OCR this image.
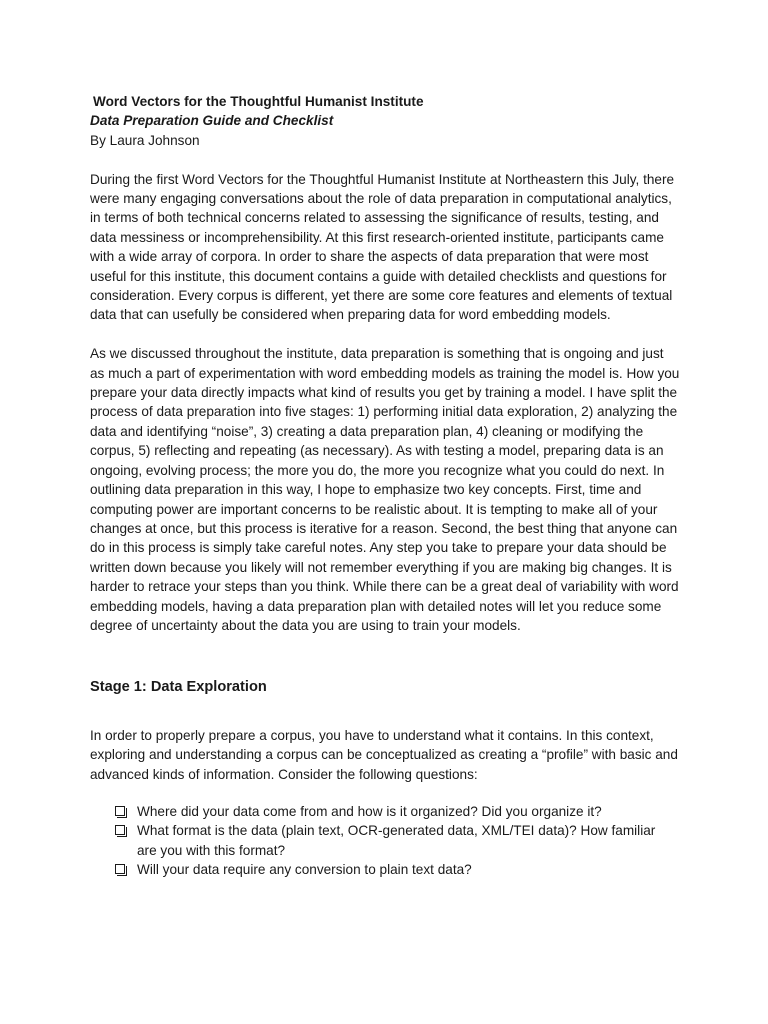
Word Vectors for the Thoughtful Humanist Institute

Data Preparation Guide and Checklist

By Laura Johnson

During the first Word Vectors for the Thoughtful Humanist Institute at Northeastern this July, there were many engaging conversations about the role of data preparation in computational analytics, in terms of both technical concerns related to assessing the significance of results, testing, and data messiness or incomprehensibility. At this first research-oriented institute, participants came with a wide array of corpora. In order to share the aspects of data preparation that were most useful for this institute, this document contains a guide with detailed checklists and questions for consideration. Every corpus is different, yet there are some core features and elements of textual data that can usefully be considered when preparing data for word embedding models.

As we discussed throughout the institute, data preparation is something that is ongoing and just as much a part of experimentation with word embedding models as training the model is. How you prepare your data directly impacts what kind of results you get by training a model. I have split the process of data preparation into five stages: 1) performing initial data exploration, 2) analyzing the data and identifying “noise”, 3) creating a data preparation plan, 4) cleaning or modifying the corpus, 5) reflecting and repeating (as necessary). As with testing a model, preparing data is an ongoing, evolving process; the more you do, the more you recognize what you could do next. In outlining data preparation in this way, I hope to emphasize two key concepts. First, time and computing power are important concerns to be realistic about. It is tempting to make all of your changes at once, but this process is iterative for a reason. Second, the best thing that anyone can do in this process is simply take careful notes. Any step you take to prepare your data should be written down because you likely will not remember everything if you are making big changes. It is harder to retrace your steps than you think. While there can be a great deal of variability with word embedding models, having a data preparation plan with detailed notes will let you reduce some degree of uncertainty about the data you are using to train your models.

Stage 1: Data Exploration

In order to properly prepare a corpus, you have to understand what it contains. In this context, exploring and understanding a corpus can be conceptualized as creating a “profile” with basic and advanced kinds of information. Consider the following questions:

Where did your data come from and how is it organized? Did you organize it?
What format is the data (plain text, OCR-generated data, XML/TEI data)? How familiar are you with this format?
Will your data require any conversion to plain text data?
